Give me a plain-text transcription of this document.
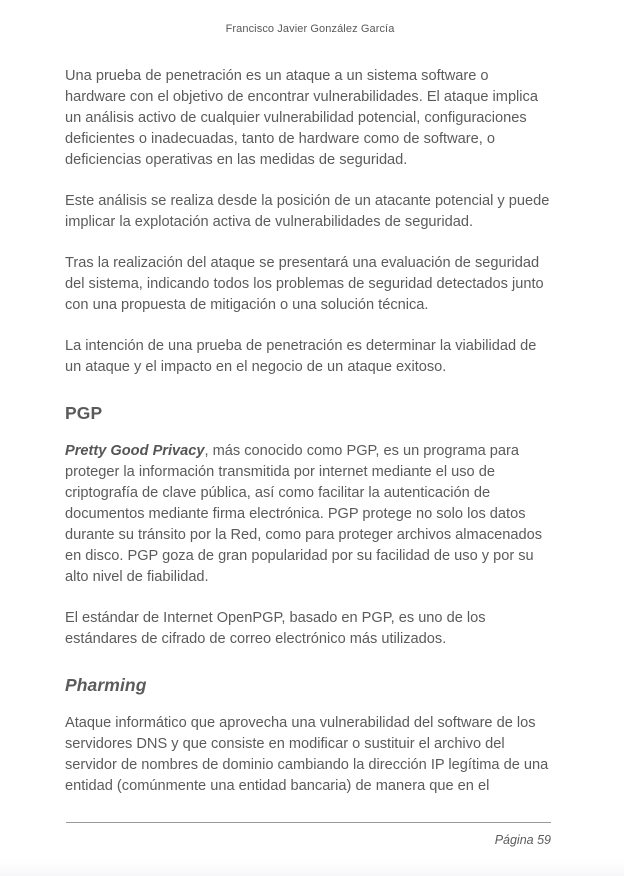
Francisco Javier González García

Una prueba de penetración es un ataque a un sistema software o hardware con el objetivo de encontrar vulnerabilidades. El ataque implica un análisis activo de cualquier vulnerabilidad potencial, configuraciones deficientes o inadecuadas, tanto de hardware como de software, o deficiencias operativas en las medidas de seguridad.

Este análisis se realiza desde la posición de un atacante potencial y puede implicar la explotación activa de vulnerabilidades de seguridad.

Tras la realización del ataque se presentará una evaluación de seguridad del sistema, indicando todos los problemas de seguridad detectados junto con una propuesta de mitigación o una solución técnica.

La intención de una prueba de penetración es determinar la viabilidad de un ataque y el impacto en el negocio de un ataque exitoso.

PGP

Pretty Good Privacy, más conocido como PGP, es un programa para proteger la información transmitida por internet mediante el uso de criptografía de clave pública, así como facilitar la autenticación de documentos mediante firma electrónica. PGP protege no solo los datos durante su tránsito por la Red, como para proteger archivos almacenados en disco. PGP goza de gran popularidad por su facilidad de uso y por su alto nivel de fiabilidad.

El estándar de Internet OpenPGP, basado en PGP, es uno de los estándares de cifrado de correo electrónico más utilizados.

Pharming

Ataque informático que aprovecha una vulnerabilidad del software de los servidores DNS y que consiste en modificar o sustituir el archivo del servidor de nombres de dominio cambiando la dirección IP legítima de una entidad (comúnmente una entidad bancaria) de manera que en el

Página 59
